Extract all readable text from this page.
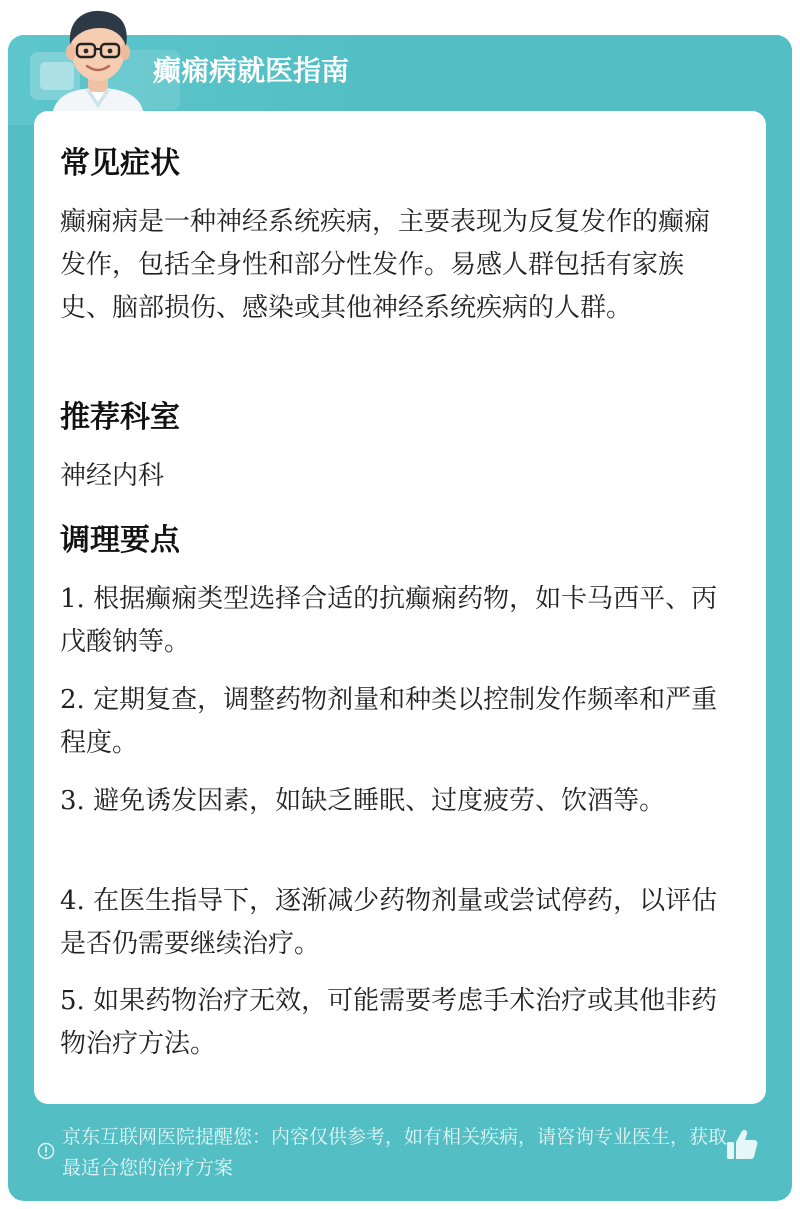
癫痫病就医指南
常见症状
癫痫病是一种神经系统疾病，主要表现为反复发作的癫痫发作，包括全身性和部分性发作。易感人群包括有家族史、脑部损伤、感染或其他神经系统疾病的人群。
推荐科室
神经内科
调理要点
1. 根据癫痫类型选择合适的抗癫痫药物，如卡马西平、丙戊酸钠等。
2. 定期复查，调整药物剂量和种类以控制发作频率和严重程度。
3. 避免诱发因素，如缺乏睡眠、过度疲劳、饮酒等。
4. 在医生指导下，逐渐减少药物剂量或尝试停药，以评估是否仍需要继续治疗。
5. 如果药物治疗无效，可能需要考虑手术治疗或其他非药物治疗方法。
京东互联网医院提醒您：内容仅供参考，如有相关疾病，请咨询专业医生，获取最适合您的治疗方案
